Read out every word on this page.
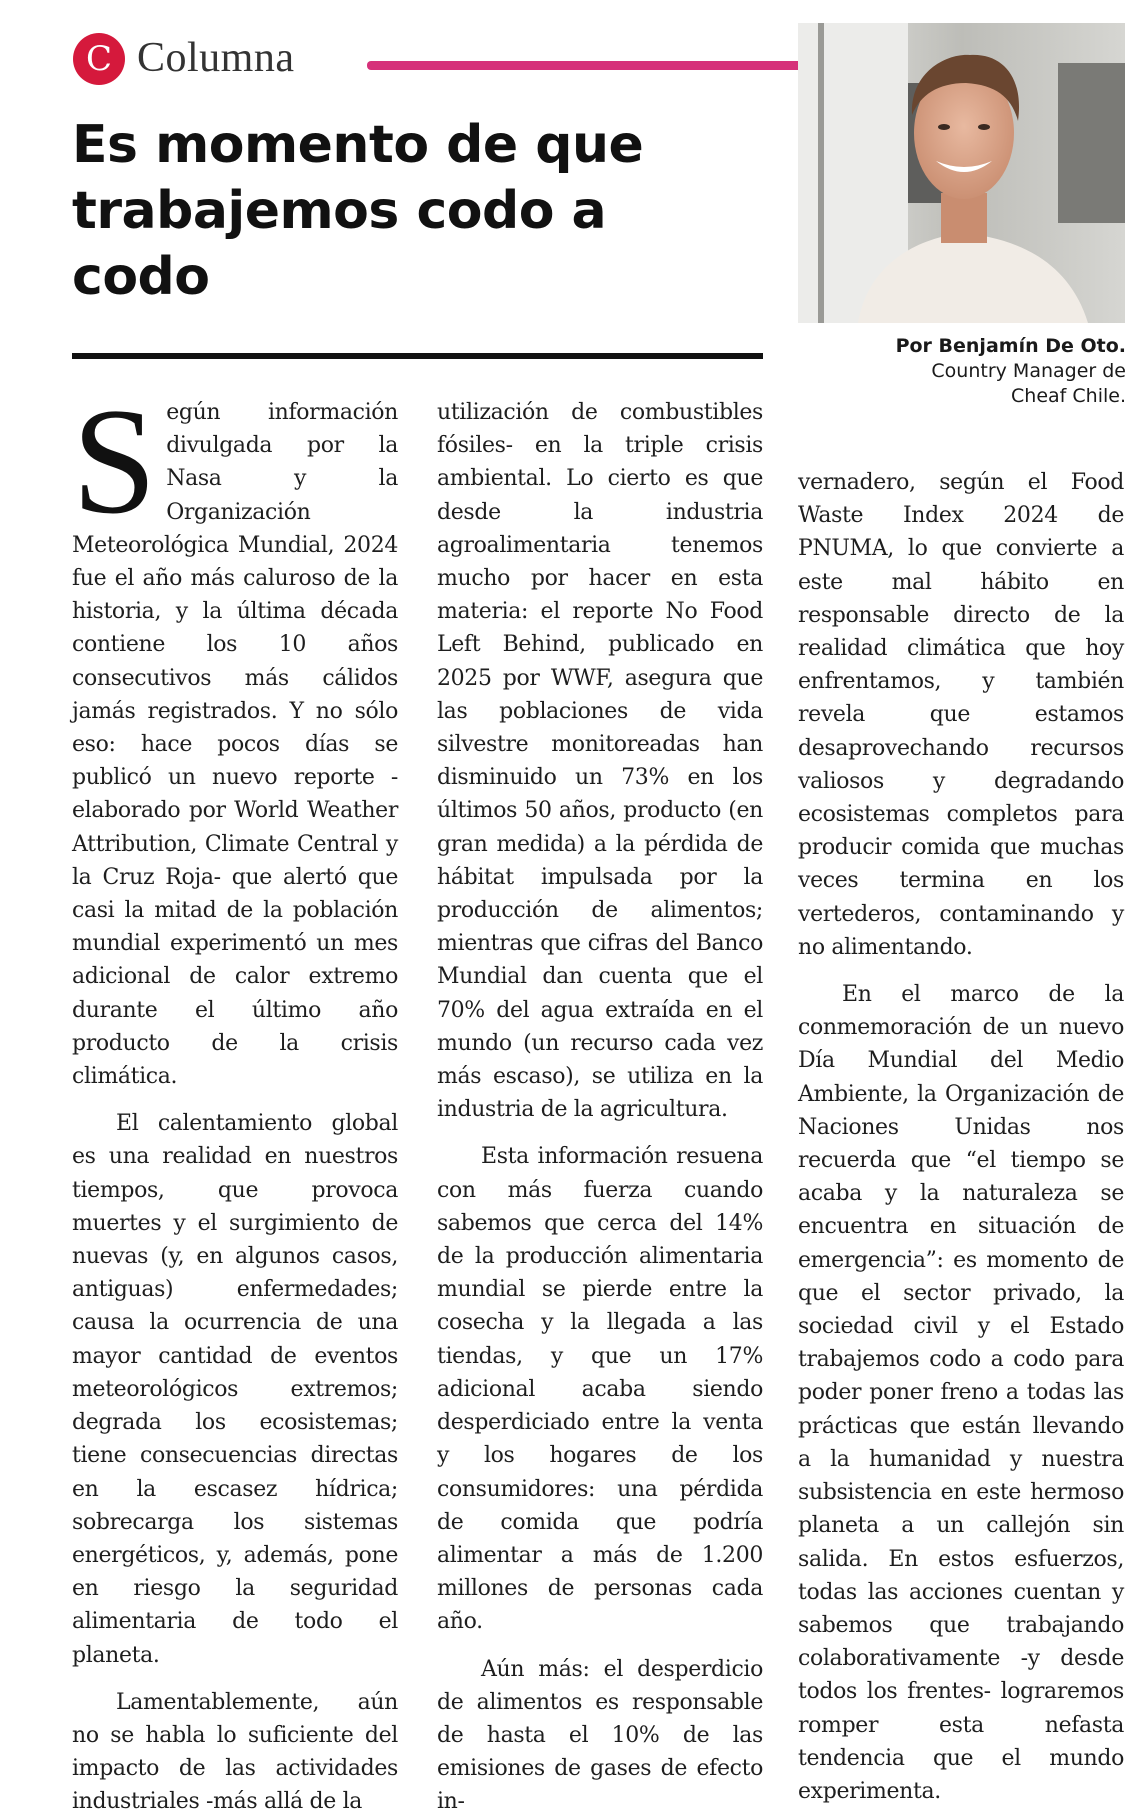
C Columna
Es momento de que trabajemos codo a codo
Por Benjamín De Oto.
Country Manager de
Cheaf Chile.

Según información divulgada por la Nasa y la Organización Meteorológica Mundial, 2024 fue el año más caluroso de la historia, y la última década contiene los 10 años consecutivos más cálidos jamás registrados. Y no sólo eso: hace pocos días se publicó un nuevo reporte -elaborado por World Weather Attribution, Climate Central y la Cruz Roja- que alertó que casi la mitad de la población mundial experimentó un mes adicional de calor extremo durante el último año producto de la crisis climática.

El calentamiento global es una realidad en nuestros tiempos, que provoca muertes y el surgimiento de nuevas (y, en algunos casos, antiguas) enfermedades; causa la ocurrencia de una mayor cantidad de eventos meteorológicos extremos; degrada los ecosistemas; tiene consecuencias directas en la escasez hídrica; sobrecarga los sistemas energéticos, y, además, pone en riesgo la seguridad alimentaria de todo el planeta.

Lamentablemente, aún no se habla lo suficiente del impacto de las actividades industriales -más allá de la

utilización de combustibles fósiles- en la triple crisis ambiental. Lo cierto es que desde la industria agroalimentaria tenemos mucho por hacer en esta materia: el reporte No Food Left Behind, publicado en 2025 por WWF, asegura que las poblaciones de vida silvestre monitoreadas han disminuido un 73% en los últimos 50 años, producto (en gran medida) a la pérdida de hábitat impulsada por la producción de alimentos; mientras que cifras del Banco Mundial dan cuenta que el 70% del agua extraída en el mundo (un recurso cada vez más escaso), se utiliza en la industria de la agricultura.

Esta información resuena con más fuerza cuando sabemos que cerca del 14% de la producción alimentaria mundial se pierde entre la cosecha y la llegada a las tiendas, y que un 17% adicional acaba siendo desperdiciado entre la venta y los hogares de los consumidores: una pérdida de comida que podría alimentar a más de 1.200 millones de personas cada año.

Aún más: el desperdicio de alimentos es responsable de hasta el 10% de las emisiones de gases de efecto in-

vernadero, según el Food Waste Index 2024 de PNUMA, lo que convierte a este mal hábito en responsable directo de la realidad climática que hoy enfrentamos, y también revela que estamos desaprovechando recursos valiosos y degradando ecosistemas completos para producir comida que muchas veces termina en los vertederos, contaminando y no alimentando.

En el marco de la conmemoración de un nuevo Día Mundial del Medio Ambiente, la Organización de Naciones Unidas nos recuerda que “el tiempo se acaba y la naturaleza se encuentra en situación de emergencia”: es momento de que el sector privado, la sociedad civil y el Estado trabajemos codo a codo para poder poner freno a todas las prácticas que están llevando a la humanidad y nuestra subsistencia en este hermoso planeta a un callejón sin salida. En estos esfuerzos, todas las acciones cuentan y sabemos que trabajando colaborativamente -y desde todos los frentes- lograremos romper esta nefasta tendencia que el mundo experimenta.
